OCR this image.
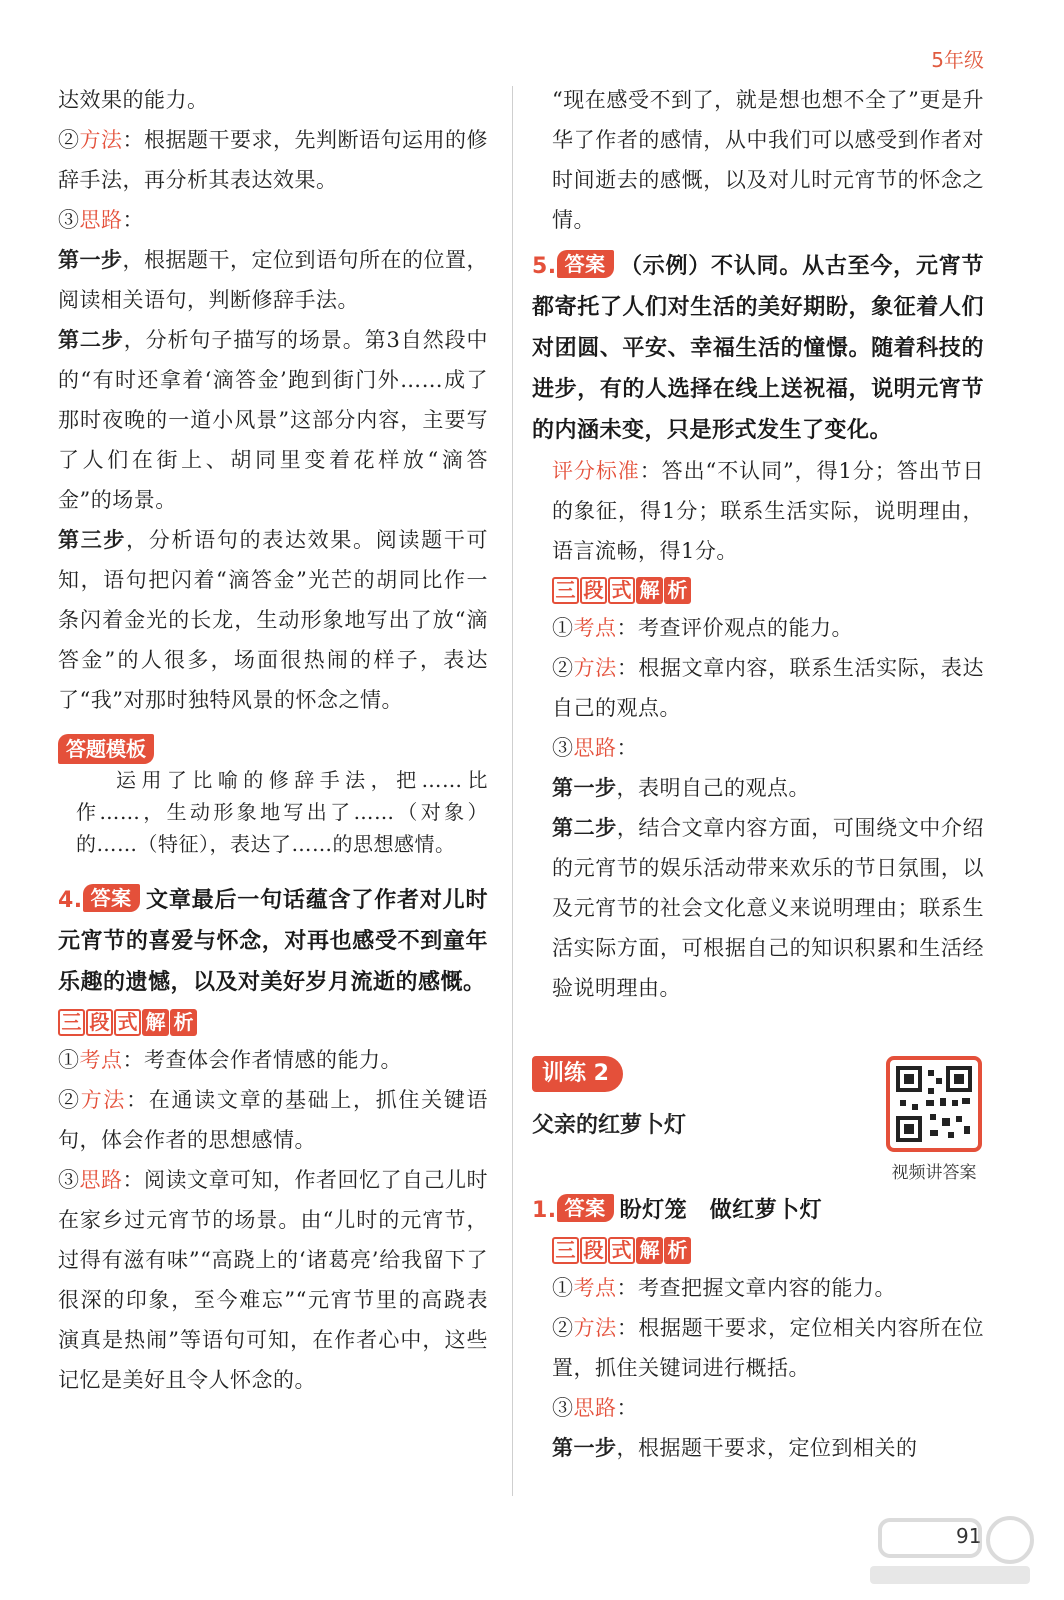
5年级

达效果的能力。

②方法：根据题干要求，先判断语句运用的修辞手法，再分析其表达效果。

③思路：

第一步，根据题干，定位到语句所在的位置，阅读相关语句，判断修辞手法。

第二步，分析句子描写的场景。第3自然段中的“有时还拿着‘滴答金’跑到街门外……成了那时夜晚的一道小风景”这部分内容，主要写了人们在街上、胡同里变着花样放“滴答金”的场景。

第三步，分析语句的表达效果。阅读题干可知，语句把闪着“滴答金”光芒的胡同比作一条闪着金光的长龙，生动形象地写出了放“滴答金”的人很多，场面很热闹的样子，表达了“我”对那时独特风景的怀念之情。

答题模板

运用了比喻的修辞手法，把……比作……，生动形象地写出了……（对象）的……（特征），表达了……的思想感情。

4. 答案 文章最后一句话蕴含了作者对儿时元宵节的喜爱与怀念，对再也感受不到童年乐趣的遗憾，以及对美好岁月流逝的感慨。

三 段 式 解 析

①考点：考查体会作者情感的能力。

②方法：在通读文章的基础上，抓住关键语句，体会作者的思想感情。

③思路：阅读文章可知，作者回忆了自己儿时在家乡过元宵节的场景。由“儿时的元宵节，过得有滋有味”“高跷上的‘诸葛亮’给我留下了很深的印象，至今难忘”“元宵节里的高跷表演真是热闹”等语句可知，在作者心中，这些记忆是美好且令人怀念的。

“现在感受不到了，就是想也想不全了”更是升华了作者的感情，从中我们可以感受到作者对时间逝去的感慨，以及对儿时元宵节的怀念之情。

5. 答案 （示例）不认同。从古至今，元宵节都寄托了人们对生活的美好期盼，象征着人们对团圆、平安、幸福生活的憧憬。随着科技的进步，有的人选择在线上送祝福，说明元宵节的内涵未变，只是形式发生了变化。

评分标准：答出“不认同”，得1分；答出节日的象征，得1分；联系生活实际，说明理由，语言流畅，得1分。

三 段 式 解 析

①考点：考查评价观点的能力。

②方法：根据文章内容，联系生活实际，表达自己的观点。

③思路：

第一步，表明自己的观点。

第二步，结合文章内容方面，可围绕文中介绍的元宵节的娱乐活动带来欢乐的节日氛围，以及元宵节的社会文化意义来说明理由；联系生活实际方面，可根据自己的知识积累和生活经验说明理由。

训练 2
父亲的红萝卜灯
视频讲答案

1. 答案 盼灯笼　做红萝卜灯

三 段 式 解 析

①考点：考查把握文章内容的能力。

②方法：根据题干要求，定位相关内容所在位置，抓住关键词进行概括。

③思路：

第一步，根据题干要求，定位到相关的

91
